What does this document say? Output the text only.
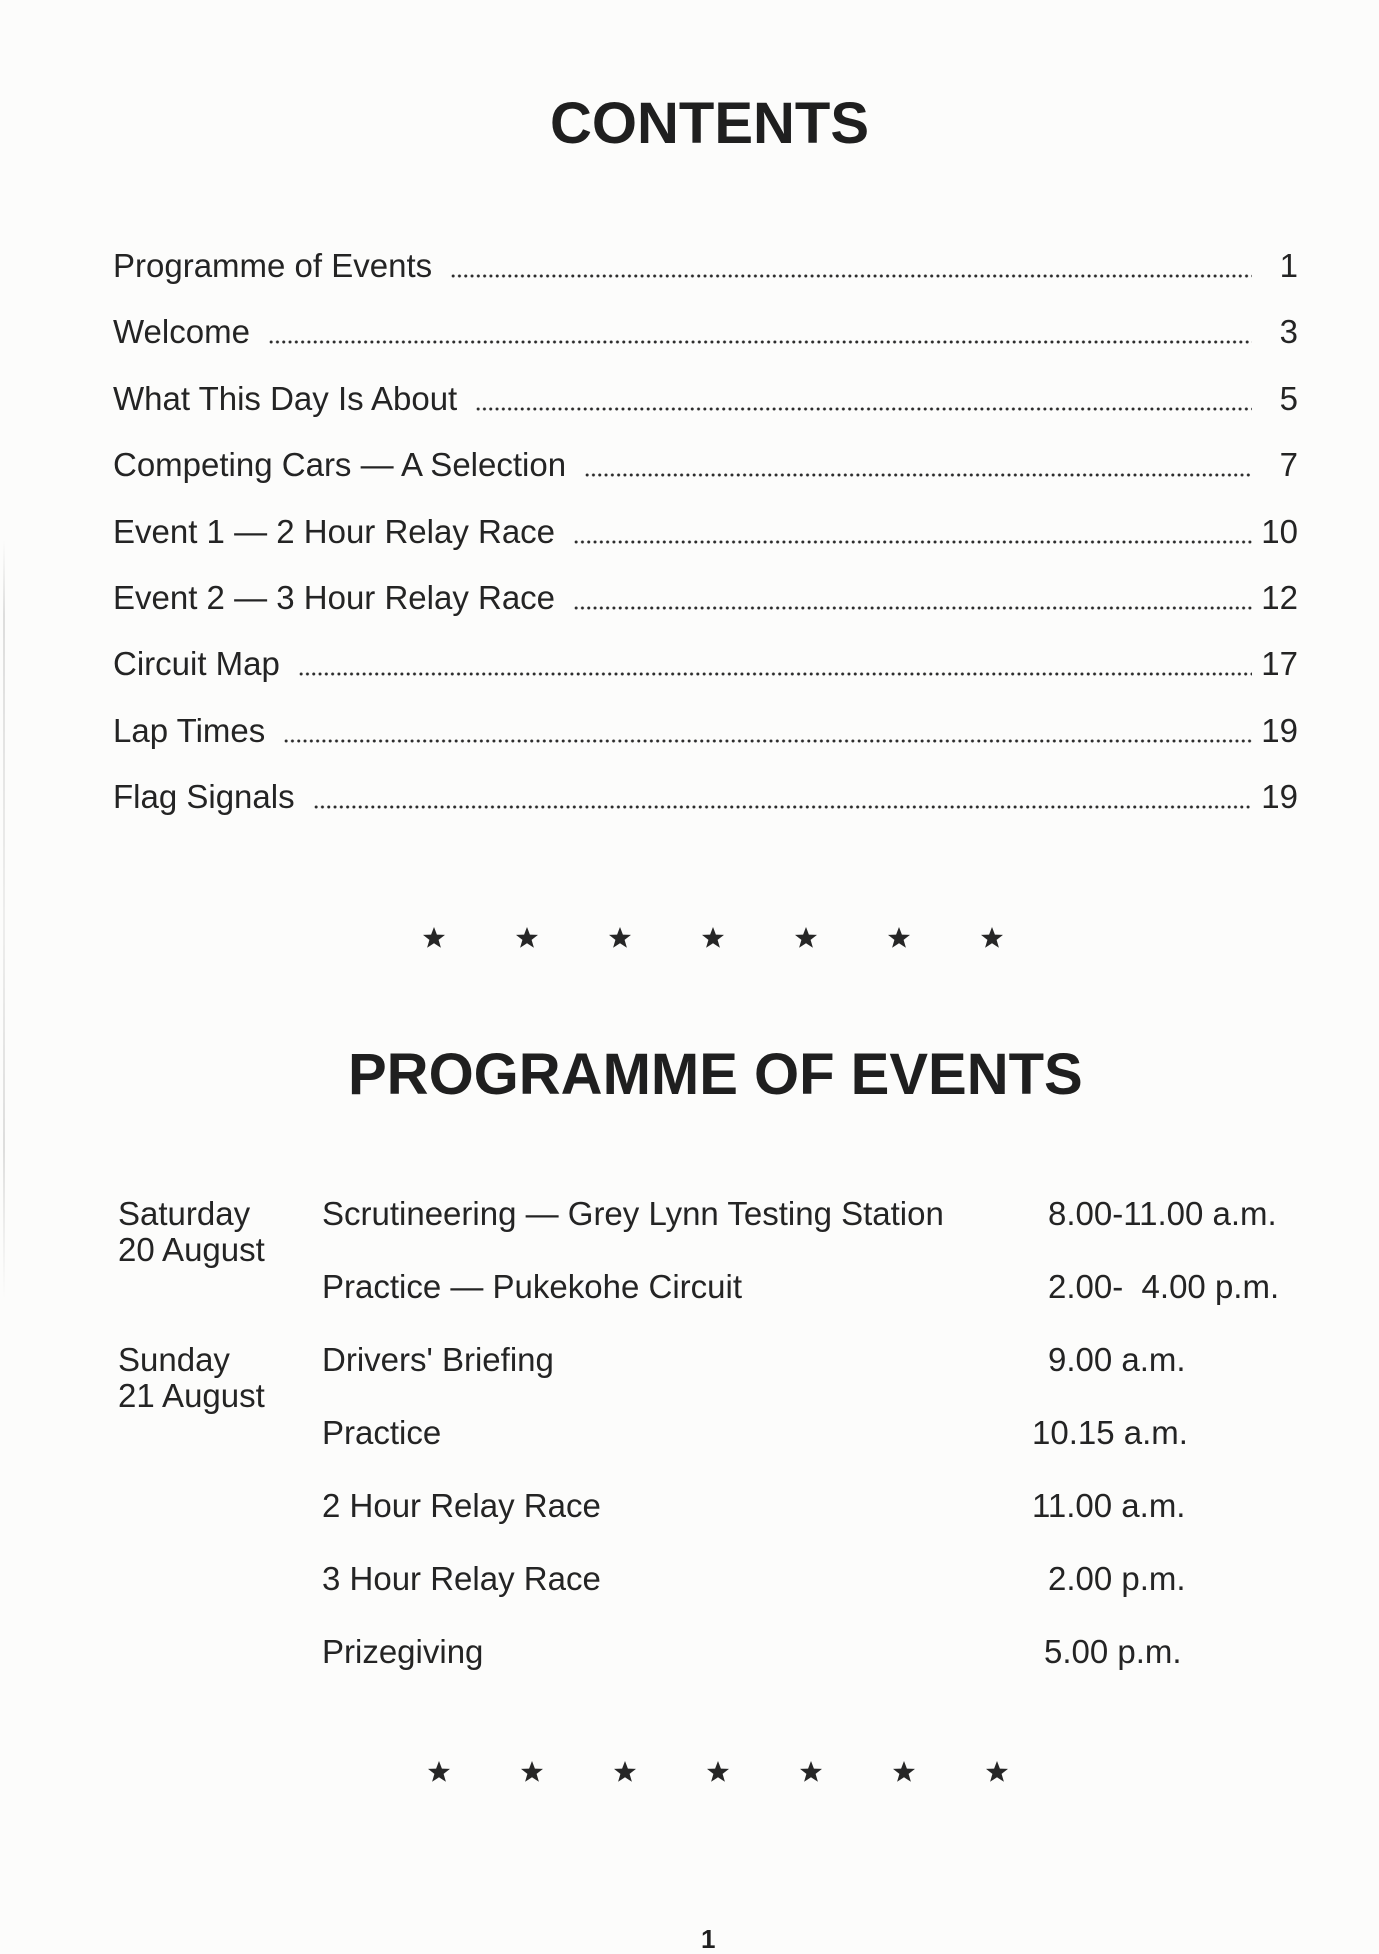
CONTENTS
Programme of Events	1
Welcome	3
What This Day Is About	5
Competing Cars — A Selection	7
Event 1 — 2 Hour Relay Race	10
Event 2 — 3 Hour Relay Race	12
Circuit Map	17
Lap Times	19
Flag Signals	19
PROGRAMME OF EVENTS
Saturday
20 August
Scrutineering — Grey Lynn Testing Station	8.00-11.00 a.m.
Practice — Pukekohe Circuit	2.00-  4.00 p.m.
Sunday
21 August
Drivers' Briefing	9.00 a.m.
Practice	10.15 a.m.
2 Hour Relay Race	11.00 a.m.
3 Hour Relay Race	2.00 p.m.
Prizegiving	5.00 p.m.
1
